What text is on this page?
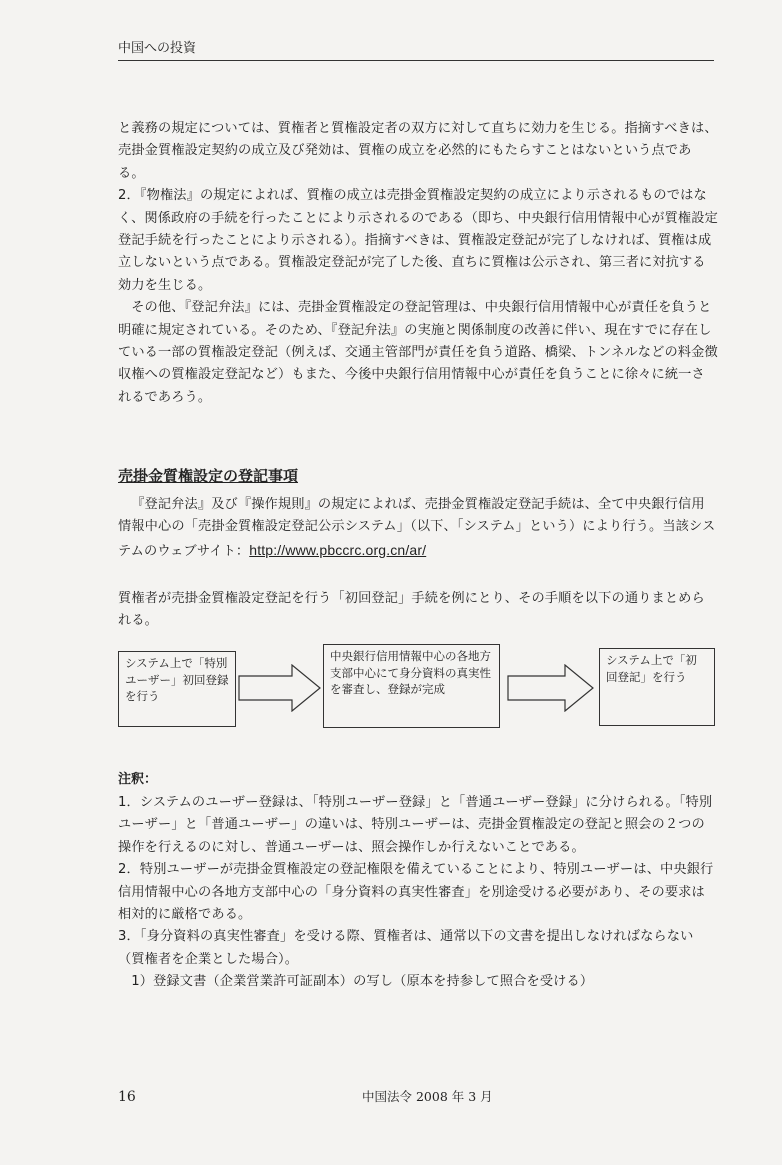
中国への投資

と義務の規定については、質権者と質権設定者の双方に対して直ちに効力を生じる。指摘すべきは、売掛金質権設定契約の成立及び発効は、質権の成立を必然的にもたらすことはないという点である。

2．『物権法』の規定によれば、質権の成立は売掛金質権設定契約の成立により示されるものではなく、関係政府の手続を行ったことにより示されるのである（即ち、中央銀行信用情報中心が質権設定登記手続を行ったことにより示される）。指摘すべきは、質権設定登記が完了しなければ、質権は成立しないという点である。質権設定登記が完了した後、直ちに質権は公示され、第三者に対抗する効力を生じる。

その他、『登記弁法』には、売掛金質権設定の登記管理は、中央銀行信用情報中心が責任を負うと明確に規定されている。そのため、『登記弁法』の実施と関係制度の改善に伴い、現在すでに存在している一部の質権設定登記（例えば、交通主管部門が責任を負う道路、橋梁、トンネルなどの料金徴収権への質権設定登記など）もまた、今後中央銀行信用情報中心が責任を負うことに徐々に統一されるであろう。

売掛金質権設定の登記事項

『登記弁法』及び『操作規則』の規定によれば、売掛金質権設定登記手続は、全て中央銀行信用情報中心の「売掛金質権設定登記公示システム」（以下、「システム」という）により行う。当該システムのウェブサイト：http://www.pbccrc.org.cn/ar/

質権者が売掛金質権設定登記を行う「初回登記」手続を例にとり、その手順を以下の通りまとめられる。

システム上で「特別ユーザー」初回登録を行う
中央銀行信用情報中心の各地方支部中心にて身分資料の真実性を審査し、登録が完成
システム上で「初回登記」を行う
注釈：

1．システムのユーザー登録は、「特別ユーザー登録」と「普通ユーザー登録」に分けられる。「特別ユーザー」と「普通ユーザー」の違いは、特別ユーザーは、売掛金質権設定の登記と照会の２つの操作を行えるのに対し、普通ユーザーは、照会操作しか行えないことである。

2．特別ユーザーが売掛金質権設定の登記権限を備えていることにより、特別ユーザーは、中央銀行信用情報中心の各地方支部中心の「身分資料の真実性審査」を別途受ける必要があり、その要求は相対的に厳格である。

3．「身分資料の真実性審査」を受ける際、質権者は、通常以下の文書を提出しなければならない（質権者を企業とした場合）。

1）登録文書（企業営業許可証副本）の写し（原本を持参して照合を受ける）

16	中国法令 2008 年 3 月
